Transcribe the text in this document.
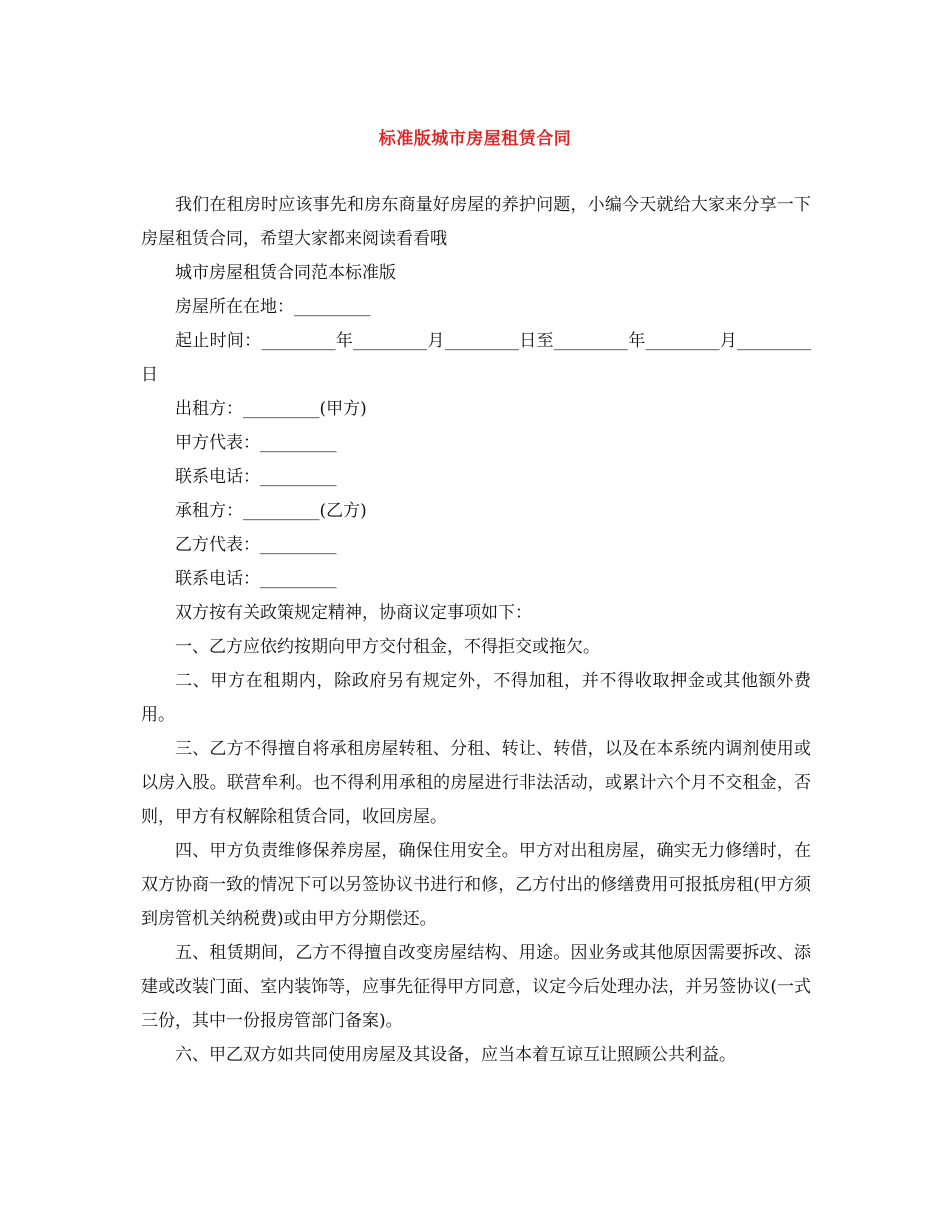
标准版城市房屋租赁合同

我们在租房时应该事先和房东商量好房屋的养护问题，小编今天就给大家来分享一下房屋租赁合同，希望大家都来阅读看看哦

城市房屋租赁合同范本标准版

房屋所在在地：_________

起止时间：_________年_________月_________日至_________年_________月_________日

出租方：_________(甲方)

甲方代表：_________

联系电话：_________

承租方：_________(乙方)

乙方代表：_________

联系电话：_________

双方按有关政策规定精神，协商议定事项如下：

一、乙方应依约按期向甲方交付租金，不得拒交或拖欠。

二、甲方在租期内，除政府另有规定外，不得加租，并不得收取押金或其他额外费用。

三、乙方不得擅自将承租房屋转租、分租、转让、转借，以及在本系统内调剂使用或以房入股。联营牟利。也不得利用承租的房屋进行非法活动，或累计六个月不交租金，否则，甲方有权解除租赁合同，收回房屋。

四、甲方负责维修保养房屋，确保住用安全。甲方对出租房屋，确实无力修缮时，在双方协商一致的情况下可以另签协议书进行和修，乙方付出的修缮费用可报抵房租(甲方须到房管机关纳税费)或由甲方分期偿还。

五、租赁期间，乙方不得擅自改变房屋结构、用途。因业务或其他原因需要拆改、添建或改装门面、室内装饰等，应事先征得甲方同意，议定今后处理办法，并另签协议(一式三份，其中一份报房管部门备案)。

六、甲乙双方如共同使用房屋及其设备，应当本着互谅互让照顾公共利益。
